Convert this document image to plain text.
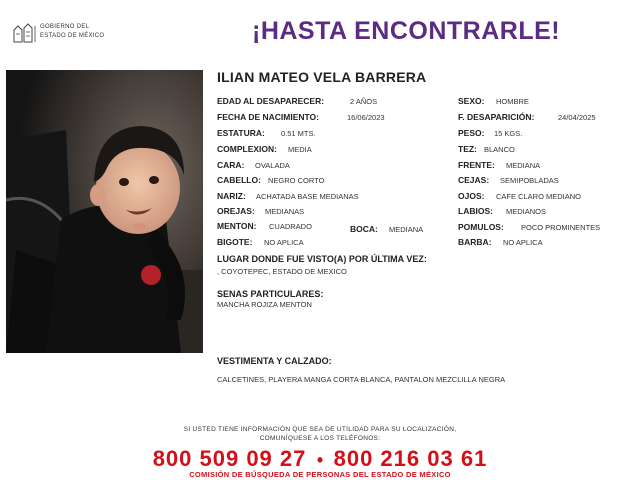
GOBIERNO DEL
ESTADO DE MÉXICO	¡HASTA ENCONTRARLE!
ILIAN MATEO VELA BARRERA
EDAD AL DESAPARECER:	2 AÑOS
FECHA DE NACIMIENTO:	16/06/2023
ESTATURA: 0.51 MTS.
COMPLEXION: MEDIA
CARA: OVALADA
CABELLO: NEGRO CORTO
NARIZ: ACHATADA BASE MEDIANAS
OREJAS: MEDIANAS
MENTON: CUADRADO	BOCA: MEDIANA
BIGOTE: NO APLICA
SEXO: HOMBRE
F. DESAPARICIÓN:	24/04/2025
PESO: 15 KGS.
TEZ: BLANCO
FRENTE: MEDIANA
CEJAS: SEMIPOBLADAS
OJOS: CAFE CLARO MEDIANO
LABIOS: MEDIANOS
POMULOS: POCO PROMINENTES
BARBA: NO APLICA
LUGAR DONDE FUE VISTO(A) POR ÚLTIMA VEZ:
, COYOTEPEC, ESTADO DE MEXICO
SENAS PARTICULARES:
MANCHA ROJIZA MENTON
VESTIMENTA Y CALZADO:
CALCETINES, PLAYERA MANGA CORTA BLANCA, PANTALON MEZCLILLA NEGRA
SI USTED TIENE INFORMACIÓN QUE SEA DE UTILIDAD PARA SU LOCALIZACIÓN,
COMUNÍQUESE A LOS TELÉFONOS:
800 509 09 27 • 800 216 03 61
COMISIÓN DE BÚSQUEDA DE PERSONAS DEL ESTADO DE MÉXICO
